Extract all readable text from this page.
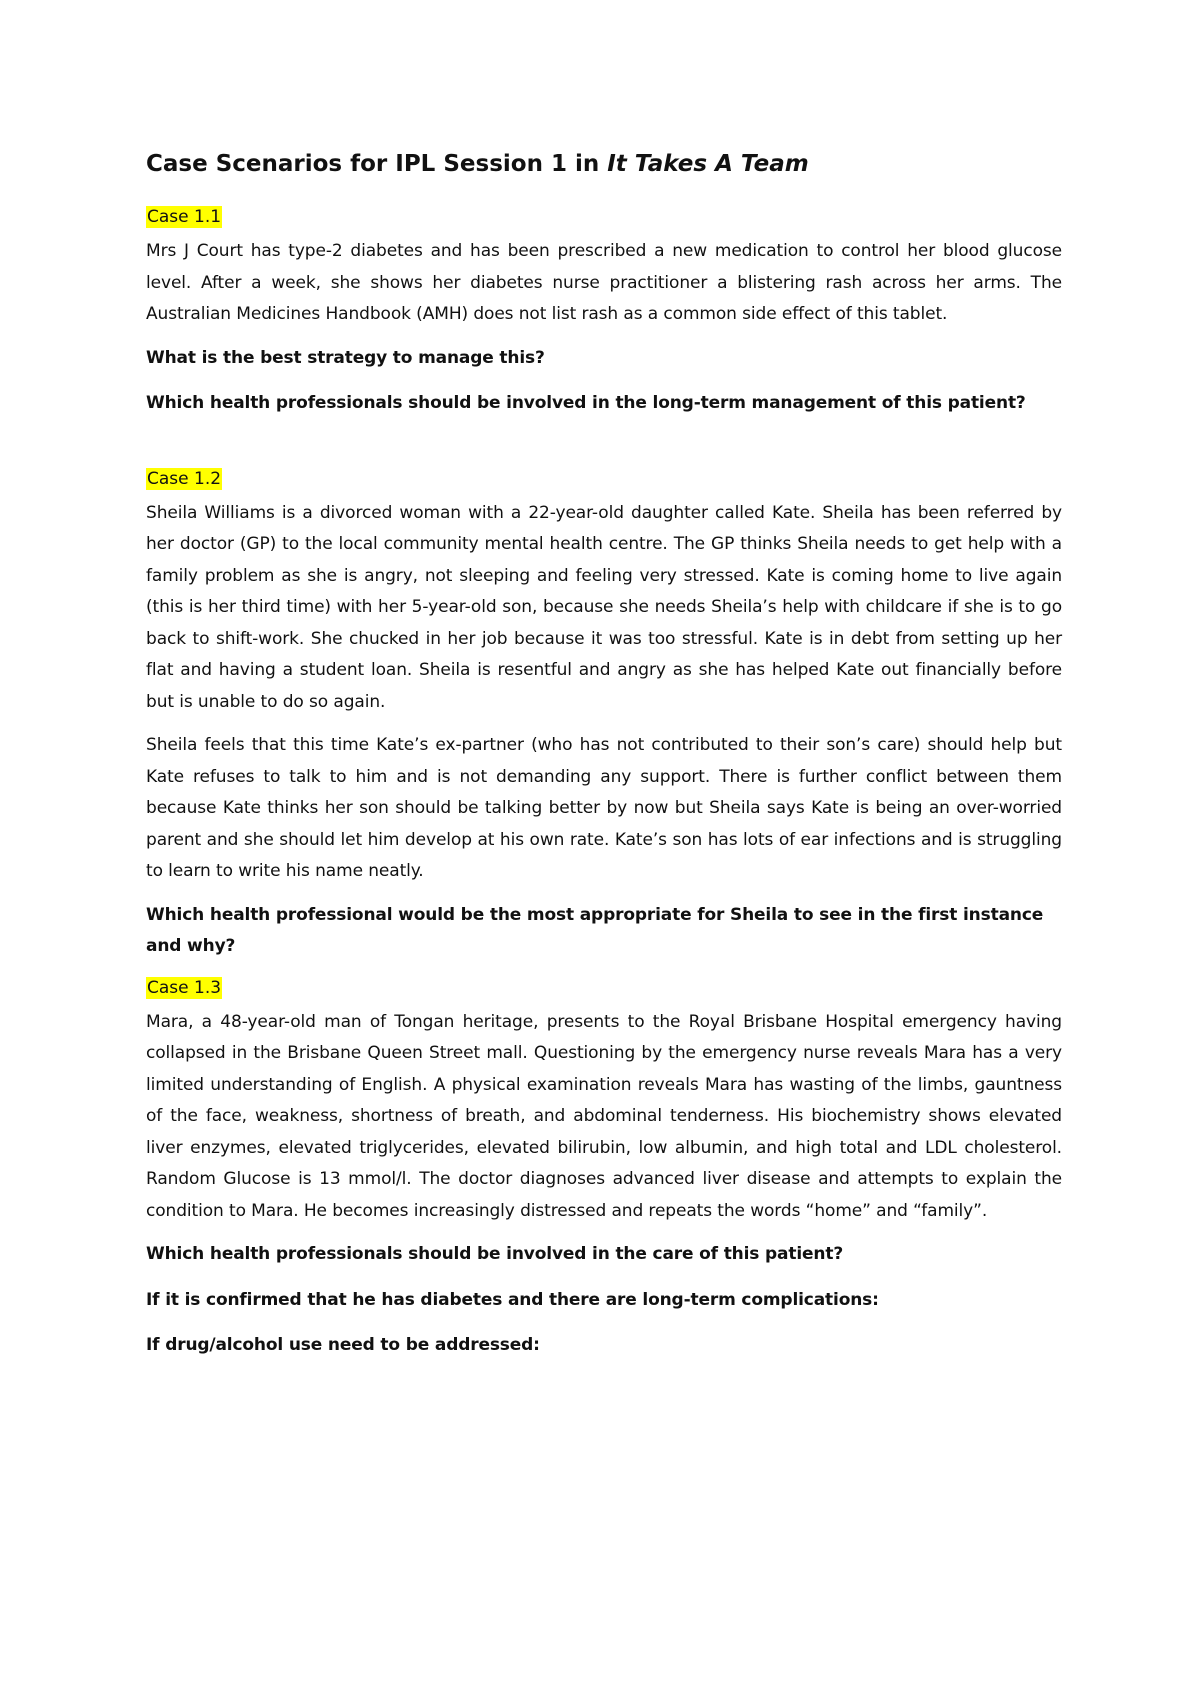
Case Scenarios for IPL Session 1 in It Takes A Team
Case 1.1

Mrs J Court has type-2 diabetes and has been prescribed a new medication to control her blood glucose level. After a week, she shows her diabetes nurse practitioner a blistering rash across her arms. The Australian Medicines Handbook (AMH) does not list rash as a common side effect of this tablet.

What is the best strategy to manage this?

Which health professionals should be involved in the long-term management of this patient?

Case 1.2

Sheila Williams is a divorced woman with a 22-year-old daughter called Kate. Sheila has been referred by her doctor (GP) to the local community mental health centre. The GP thinks Sheila needs to get help with a family problem as she is angry, not sleeping and feeling very stressed. Kate is coming home to live again (this is her third time) with her 5-year-old son, because she needs Sheila’s help with childcare if she is to go back to shift-work. She chucked in her job because it was too stressful. Kate is in debt from setting up her flat and having a student loan. Sheila is resentful and angry as she has helped Kate out financially before but is unable to do so again.

Sheila feels that this time Kate’s ex-partner (who has not contributed to their son’s care) should help but Kate refuses to talk to him and is not demanding any support. There is further conflict between them because Kate thinks her son should be talking better by now but Sheila says Kate is being an over-worried parent and she should let him develop at his own rate. Kate’s son has lots of ear infections and is struggling to learn to write his name neatly.

Which health professional would be the most appropriate for Sheila to see in the first instance and why?

Case 1.3

Mara, a 48-year-old man of Tongan heritage, presents to the Royal Brisbane Hospital emergency having collapsed in the Brisbane Queen Street mall. Questioning by the emergency nurse reveals Mara has a very limited understanding of English. A physical examination reveals Mara has wasting of the limbs, gauntness of the face, weakness, shortness of breath, and abdominal tenderness. His biochemistry shows elevated liver enzymes, elevated triglycerides, elevated bilirubin, low albumin, and high total and LDL cholesterol. Random Glucose is 13 mmol/l. The doctor diagnoses advanced liver disease and attempts to explain the condition to Mara. He becomes increasingly distressed and repeats the words “home” and “family”.

Which health professionals should be involved in the care of this patient?

If it is confirmed that he has diabetes and there are long-term complications:

If drug/alcohol use need to be addressed:
